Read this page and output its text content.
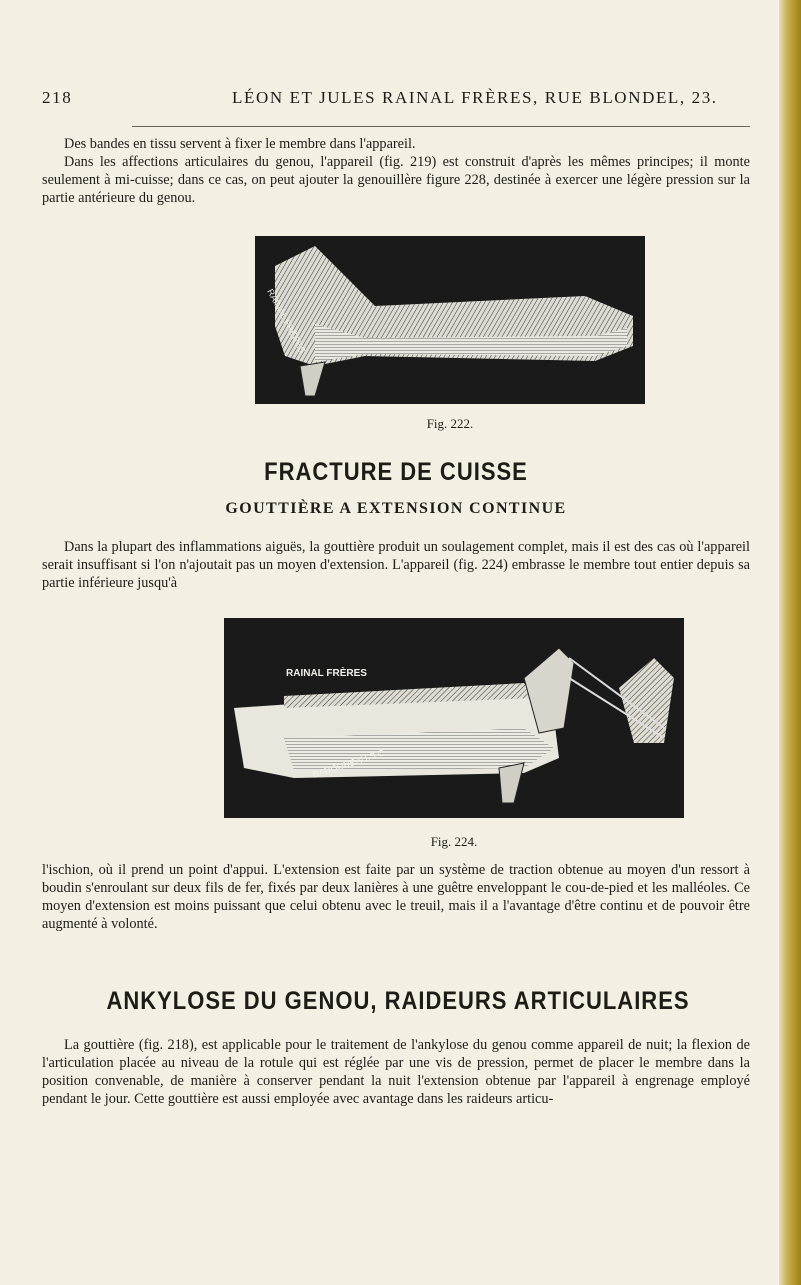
218	LÉON ET JULES RAINAL FRÈRES, RUE BLONDEL, 23.

Des bandes en tissu servent à fixer le membre dans l'appareil.

Dans les affections articulaires du genou, l'appareil (fig. 219) est construit d'après les mêmes principes; il monte seulement à mi-cuisse; dans ce cas, on peut ajouter la genouillère figure 228, destinée à exercer une légère pression sur la partie antérieure du genou.

RAINAL FRÈRES
Fig. 222.
FRACTURE DE CUISSE
GOUTTIÈRE A EXTENSION CONTINUE

Dans la plupart des inflammations aiguës, la gouttière produit un soulagement complet, mais il est des cas où l'appareil serait insuffisant si l'on n'ajoutait pas un moyen d'extension. L'appareil (fig. 224) embrasse le membre tout entier depuis sa partie inférieure jusqu'à

RAINAL FRÈRES
BADOUREAU.S.C.
Fig. 224.

l'ischion, où il prend un point d'appui. L'extension est faite par un système de traction obtenue au moyen d'un ressort à boudin s'enroulant sur deux fils de fer, fixés par deux lanières à une guêtre enveloppant le cou-de-pied et les malléoles. Ce moyen d'extension est moins puissant que celui obtenu avec le treuil, mais il a l'avantage d'être continu et de pouvoir être augmenté à volonté.

ANKYLOSE DU GENOU, RAIDEURS ARTICULAIRES

La gouttière (fig. 218), est applicable pour le traitement de l'ankylose du genou comme appareil de nuit; la flexion de l'articulation placée au niveau de la rotule qui est réglée par une vis de pression, permet de placer le membre dans la position convenable, de manière à conserver pendant la nuit l'extension obtenue par l'appareil à engrenage employé pendant le jour. Cette gouttière est aussi employée avec avantage dans les raideurs articu-
